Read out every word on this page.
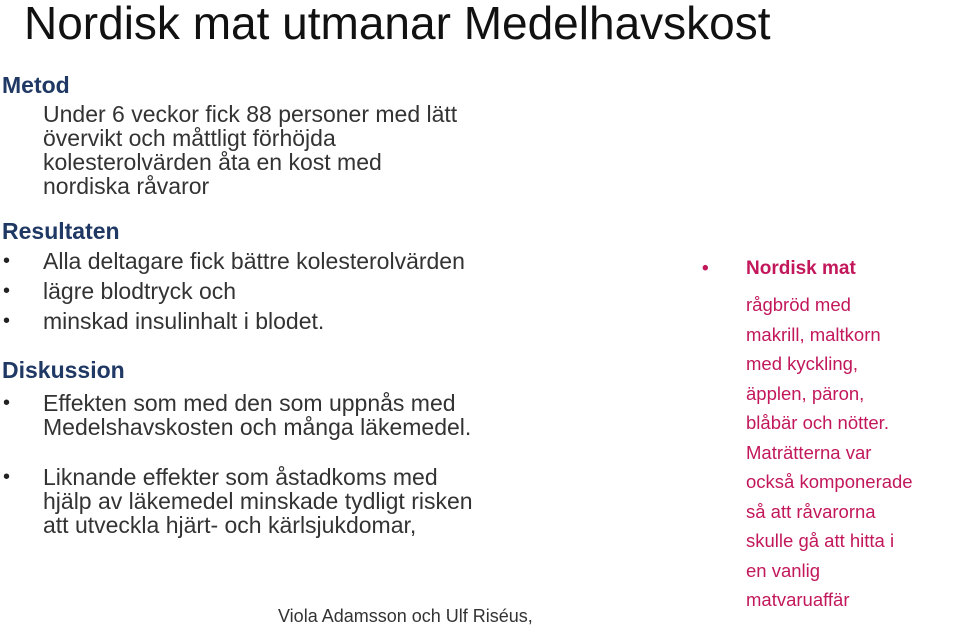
Nordisk mat utmanar Medelhavskost
Metod
Under 6 veckor fick 88 personer med lätt
övervikt och måttligt förhöjda
kolesterolvärden åta en kost med
nordiska råvaror
Resultaten
• Alla deltagare fick bättre kolesterolvärden
• lägre blodtryck och
• minskad insulinhalt i blodet.
Diskussion
• Effekten som med den som uppnås med
Medelshavskosten och många läkemedel.
• Liknande effekter som åstadkoms med
hjälp av läkemedel minskade tydligt risken
att utveckla hjärt- och kärlsjukdomar,
Viola Adamsson och Ulf Riséus,
• Nordisk mat
rågbröd med
makrill, maltkorn
med kyckling,
äpplen, päron,
blåbär och nötter.
Maträtterna var
också komponerade
så att råvarorna
skulle gå att hitta i
en vanlig
matvaruaffär
